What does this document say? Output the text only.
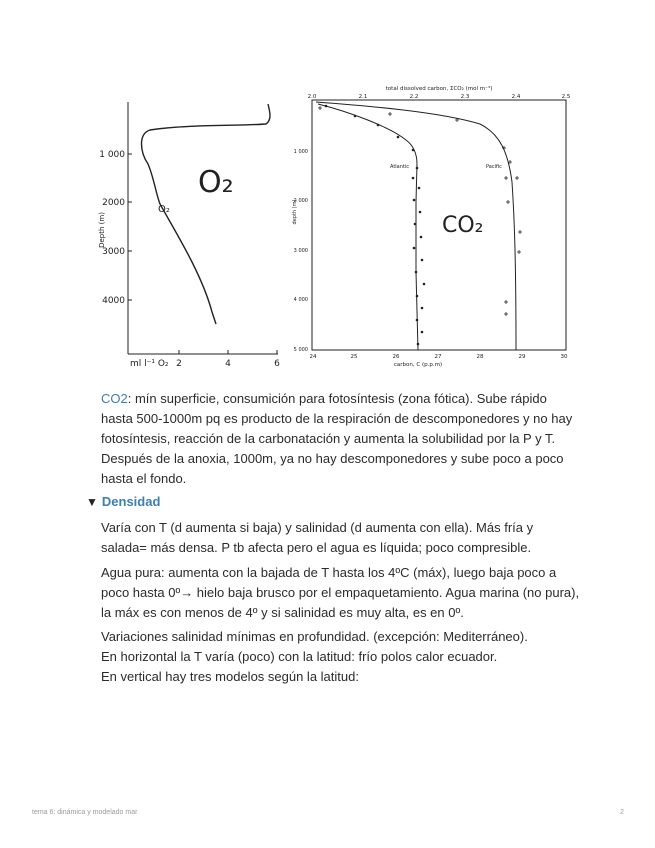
1 000
2000
3000
4000
Depth (m)
ml l⁻¹ O₂ 2	4	6
O₂
O₂
total dissolved carbon, ΣCO₂ (mol m⁻³)
2.0	2.1	2.2	2.3	2.4	2.5
1 000
2 000
3 000
4 000
5 000
depth (m)
24	25	26	27	28	29	30
carbon, C (p.p.m)
Atlantic	Pacific
CO₂

CO2: mín superficie, consumición para fotosíntesis (zona fótica). Sube rápido hasta 500-1000m pq es producto de la respiración de descomponedores y no hay fotosíntesis, reacción de la carbonatación y aumenta la solubilidad por la P y T. Después de la anoxia, 1000m, ya no hay descomponedores y sube poco a poco hasta el fondo.

▼ Densidad

Varía con T (d aumenta si baja) y salinidad (d aumenta con ella). Más fría y salada= más densa. P tb afecta pero el agua es líquida; poco compresible.

Agua pura: aumenta con la bajada de T hasta los 4ºC (máx), luego baja poco a poco hasta 0º→ hielo baja brusco por el empaquetamiento. Agua marina (no pura), la máx es con menos de 4º y si salinidad es muy alta, es en 0º.

Variaciones salinidad mínimas en profundidad. (excepción: Mediterráneo).
En horizontal la T varía (poco) con la latitud: frío polos calor ecuador.
En vertical hay tres modelos según la latitud:

tema 6: dinámica y modelado mar	2
